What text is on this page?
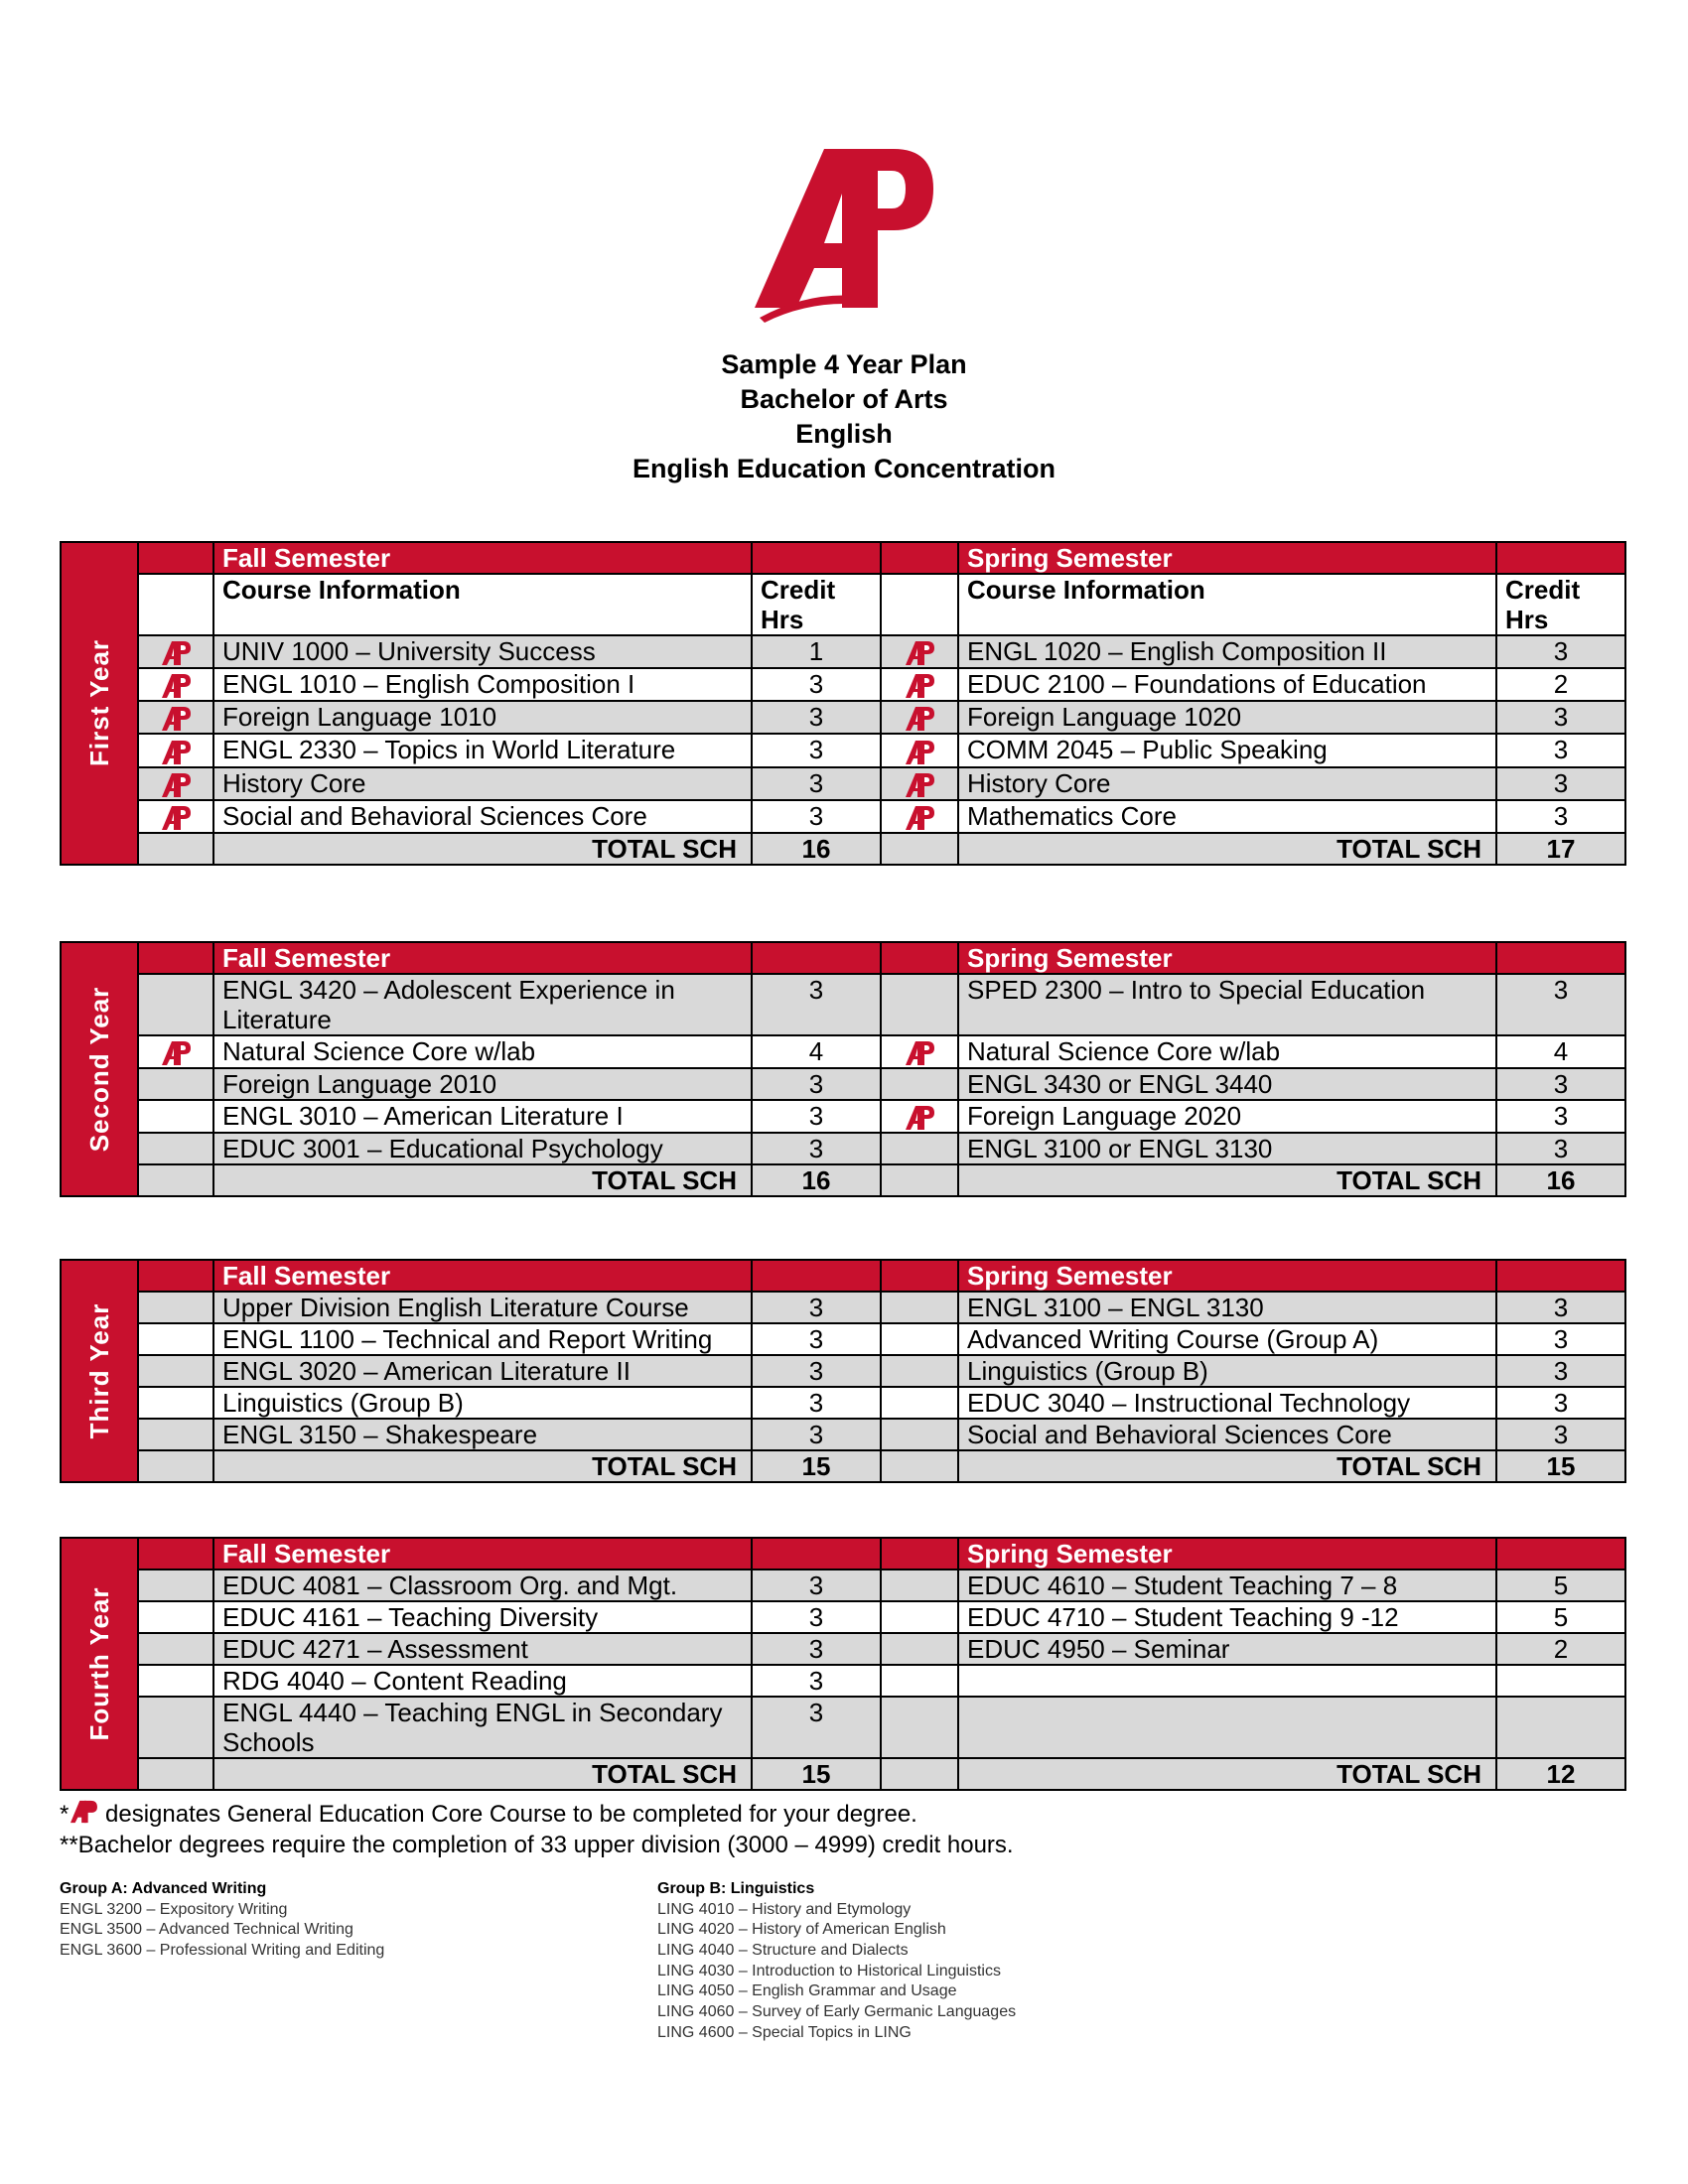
Sample 4 Year Plan
Bachelor of Arts
English
English Education Concentration
First Year		Fall Semester			Spring Semester	
		Course Information	Credit Hrs		Course Information	Credit Hrs
	UNIV 1000 – University Success	1		ENGL 1020 – English Composition II	3
	ENGL 1010 – English Composition I	3		EDUC 2100 – Foundations of Education	2
	Foreign Language 1010	3		Foreign Language 1020	3
	ENGL 2330 – Topics in World Literature	3		COMM 2045 – Public Speaking	3
	History Core	3		History Core	3
	Social and Behavioral Sciences Core	3		Mathematics Core	3
		TOTAL SCH	16		TOTAL SCH	17
Second Year		Fall Semester			Spring Semester	
		ENGL 3420 – Adolescent Experience in Literature	3		SPED 2300 – Intro to Special Education	3
	Natural Science Core w/lab	4		Natural Science Core w/lab	4
		Foreign Language 2010	3		ENGL 3430 or ENGL 3440	3
		ENGL 3010 – American Literature I	3		Foreign Language 2020	3
		EDUC 3001 – Educational Psychology	3		ENGL 3100 or ENGL 3130	3
		TOTAL SCH	16		TOTAL SCH	16
Third Year		Fall Semester			Spring Semester	
		Upper Division English Literature Course	3		ENGL 3100 – ENGL 3130	3
		ENGL 1100 – Technical and Report Writing	3		Advanced Writing Course (Group A)	3
		ENGL 3020 – American Literature II	3		Linguistics (Group B)	3
		Linguistics (Group B)	3		EDUC 3040 – Instructional Technology	3
		ENGL 3150 – Shakespeare	3		Social and Behavioral Sciences Core	3
		TOTAL SCH	15		TOTAL SCH	15
Fourth Year		Fall Semester			Spring Semester	
		EDUC 4081 – Classroom Org. and Mgt.	3		EDUC 4610 – Student Teaching 7 – 8	5
		EDUC 4161 – Teaching Diversity	3		EDUC 4710 – Student Teaching 9 -12	5
		EDUC 4271 – Assessment	3		EDUC 4950 – Seminar	2
		RDG 4040 – Content Reading	3			
		ENGL 4440 – Teaching ENGL in Secondary Schools	3			
		TOTAL SCH	15		TOTAL SCH	12
* designates General Education Core Course to be completed for your degree.
**Bachelor degrees require the completion of 33 upper division (3000 – 4999) credit hours.
Group A: Advanced Writing
ENGL 3200 – Expository Writing
ENGL 3500 – Advanced Technical Writing
ENGL 3600 – Professional Writing and Editing
Group B: Linguistics
LING 4010 – History and Etymology
LING 4020 – History of American English
LING 4040 – Structure and Dialects
LING 4030 – Introduction to Historical Linguistics
LING 4050 – English Grammar and Usage
LING 4060 – Survey of Early Germanic Languages
LING 4600 – Special Topics in LING
